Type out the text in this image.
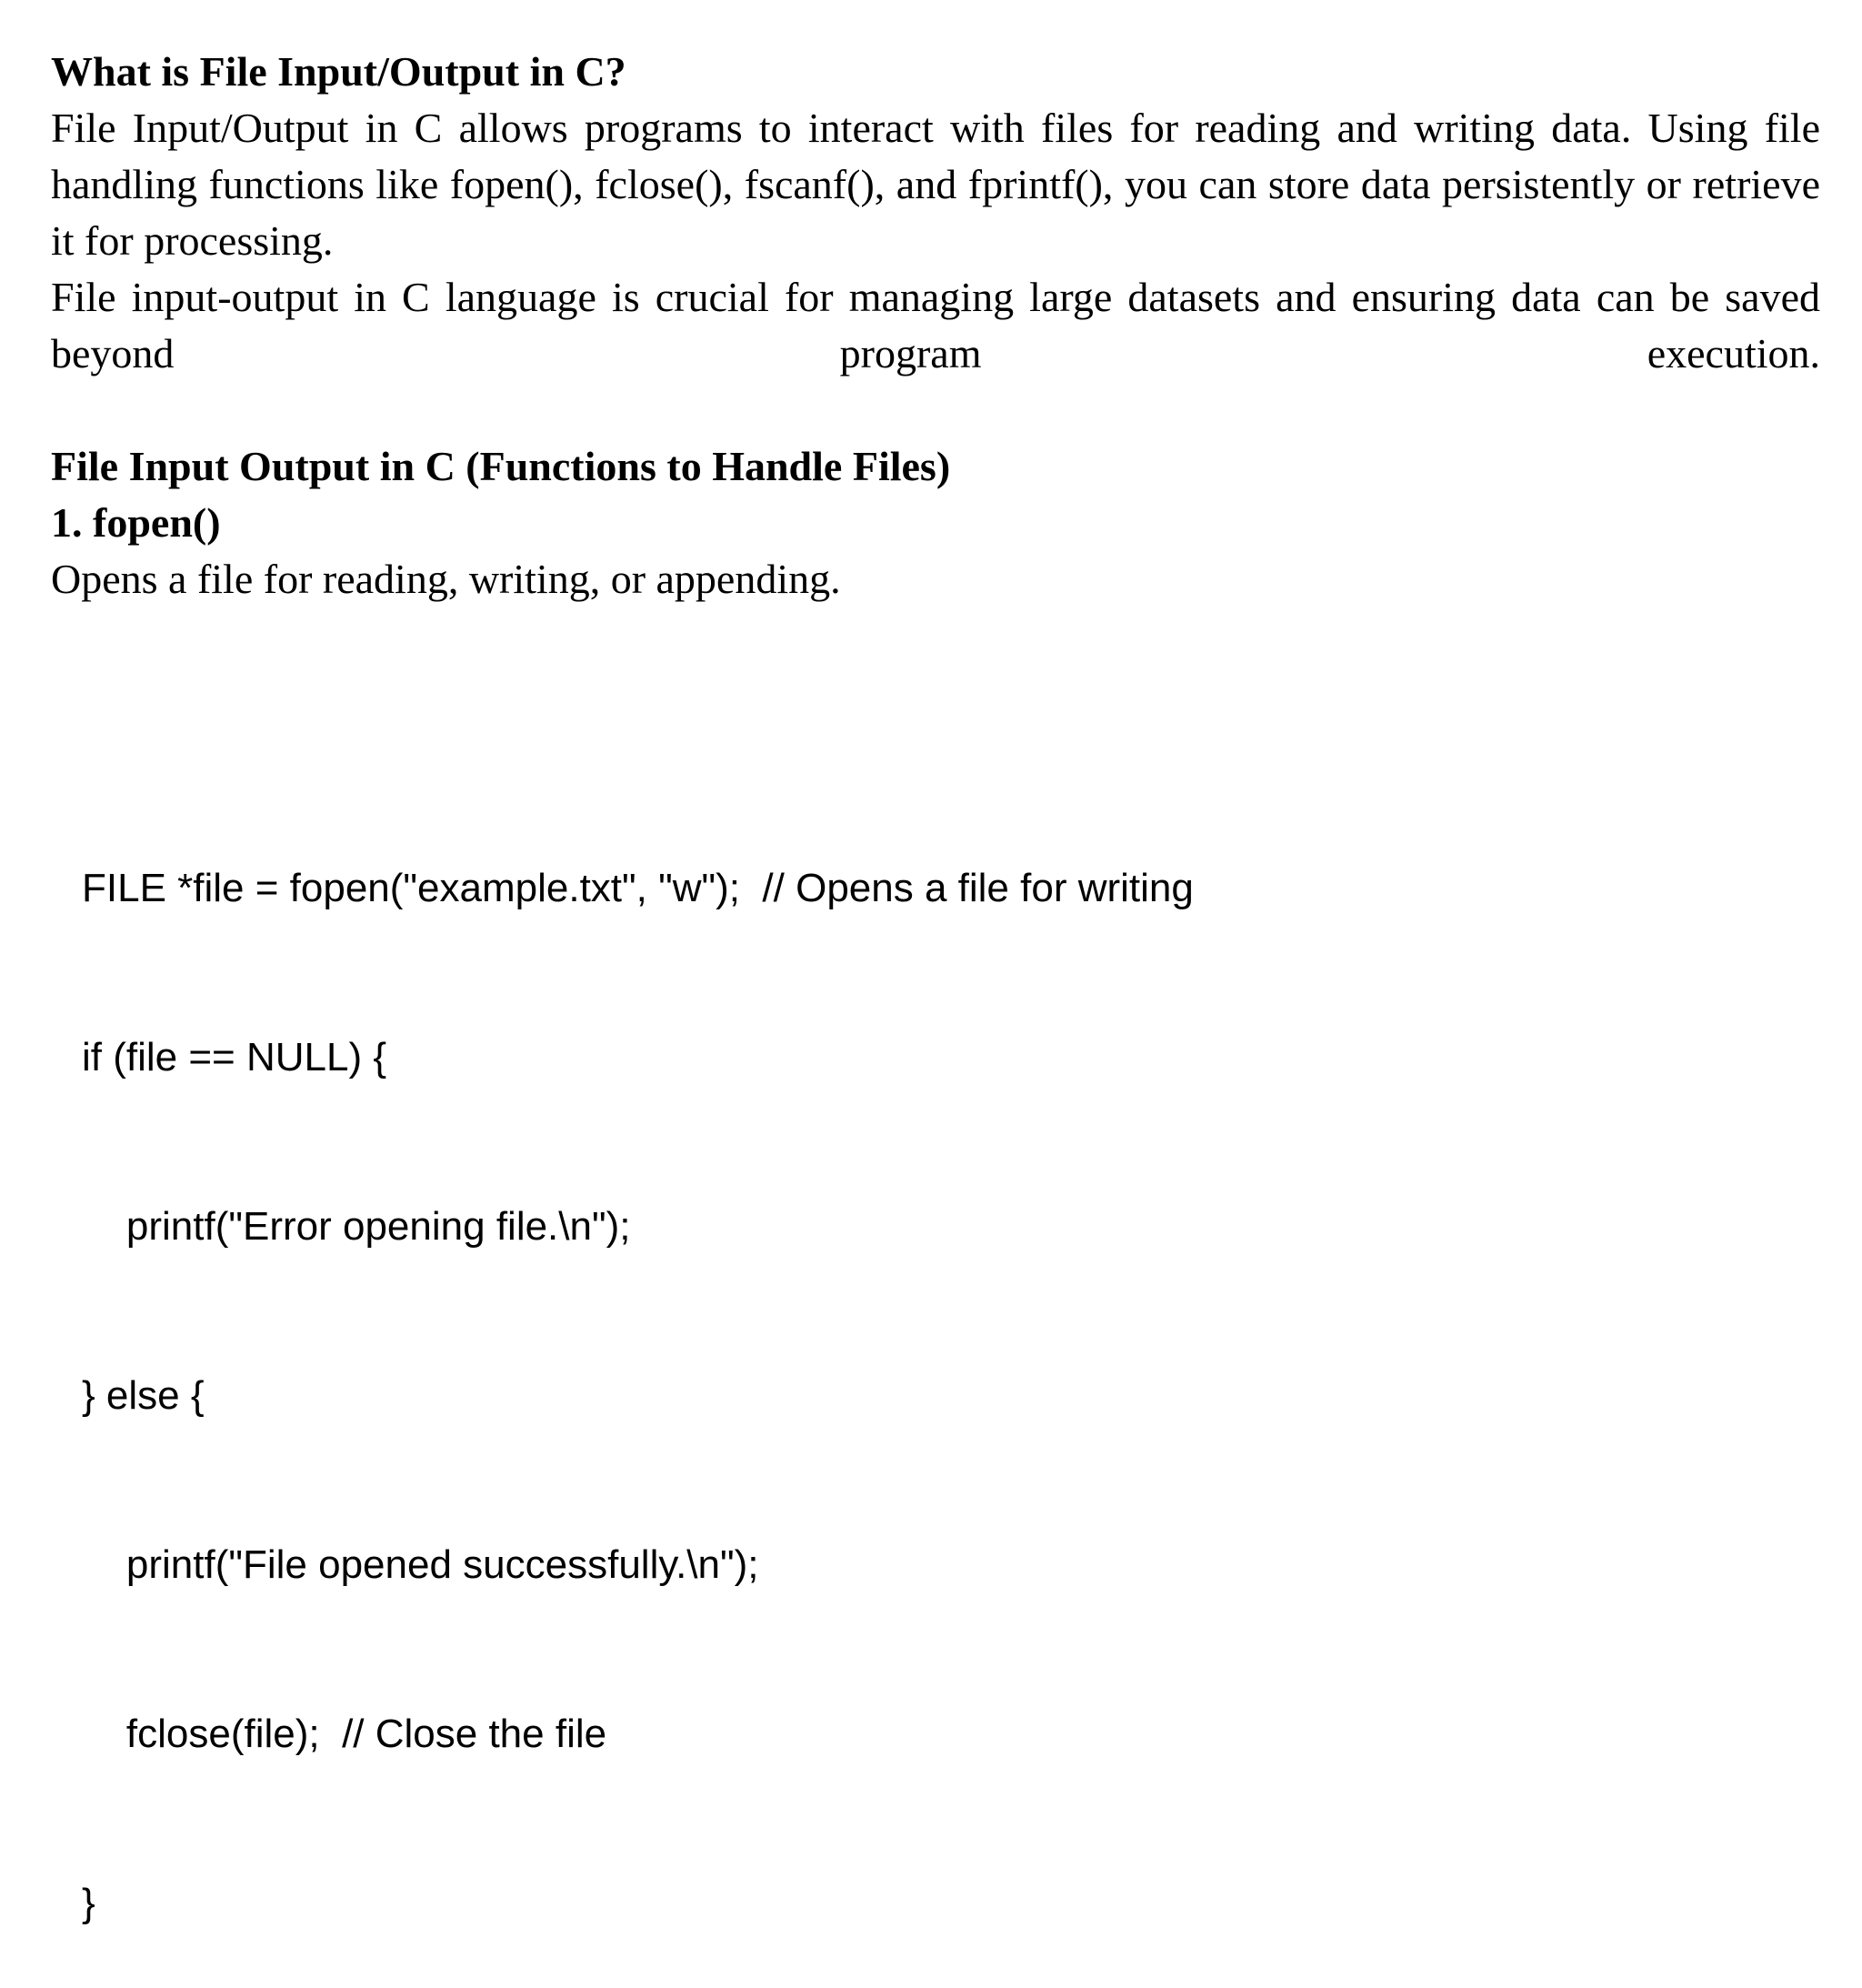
What is File Input/Output in C?

File Input/Output in C allows programs to interact with files for reading and writing data. Using file handling functions like fopen(), fclose(), fscanf(), and fprintf(), you can store data persistently or retrieve it for processing.

File input-output in C language is crucial for managing large datasets and ensuring data can be saved beyond program execution.

File Input Output in C (Functions to Handle Files)

1. fopen()

Opens a file for reading, writing, or appending.

FILE *file = fopen("example.txt", "w");  // Opens a file for writing

if (file == NULL) {

printf("Error opening file.\n");

} else {

printf("File opened successfully.\n");

fclose(file);  // Close the file

}
